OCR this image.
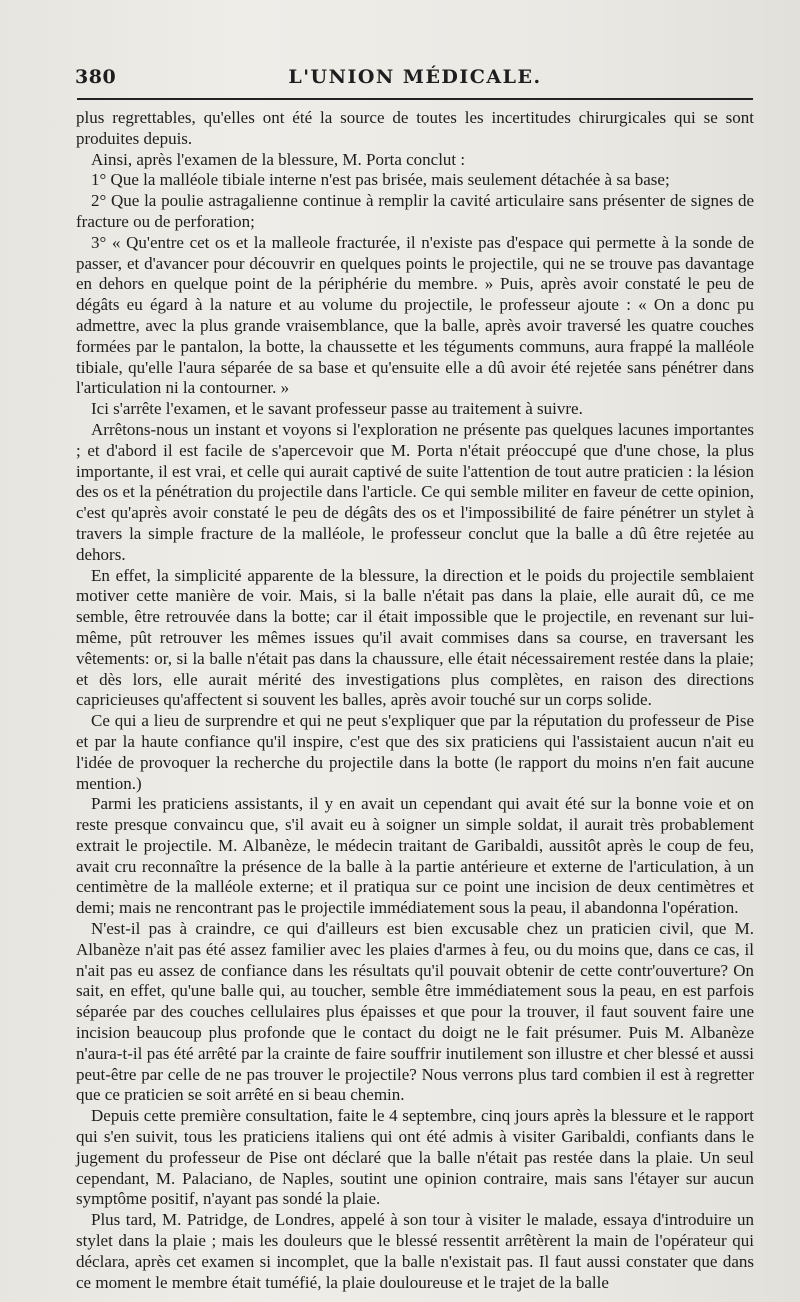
380	L'UNION MÉDICALE.

plus regrettables, qu'elles ont été la source de toutes les incertitudes chirurgicales qui se sont produites depuis.

Ainsi, après l'examen de la blessure, M. Porta conclut :

1° Que la malléole tibiale interne n'est pas brisée, mais seulement détachée à sa base;

2° Que la poulie astragalienne continue à remplir la cavité articulaire sans présenter de signes de fracture ou de perforation;

3° « Qu'entre cet os et la malleole fracturée, il n'existe pas d'espace qui permette à la sonde de passer, et d'avancer pour découvrir en quelques points le projectile, qui ne se trouve pas davantage en dehors en quelque point de la périphérie du membre. » Puis, après avoir constaté le peu de dégâts eu égard à la nature et au volume du projectile, le professeur ajoute : « On a donc pu admettre, avec la plus grande vraisemblance, que la balle, après avoir traversé les quatre couches formées par le pantalon, la botte, la chaussette et les téguments communs, aura frappé la malléole tibiale, qu'elle l'aura séparée de sa base et qu'ensuite elle a dû avoir été rejetée sans pénétrer dans l'articulation ni la contourner. »

Ici s'arrête l'examen, et le savant professeur passe au traitement à suivre.

Arrêtons-nous un instant et voyons si l'exploration ne présente pas quelques lacunes importantes ; et d'abord il est facile de s'apercevoir que M. Porta n'était préoccupé que d'une chose, la plus importante, il est vrai, et celle qui aurait captivé de suite l'attention de tout autre praticien : la lésion des os et la pénétration du projectile dans l'article. Ce qui semble militer en faveur de cette opinion, c'est qu'après avoir constaté le peu de dégâts des os et l'impossibilité de faire pénétrer un stylet à travers la simple fracture de la malléole, le professeur conclut que la balle a dû être rejetée au dehors.

En effet, la simplicité apparente de la blessure, la direction et le poids du projectile semblaient motiver cette manière de voir. Mais, si la balle n'était pas dans la plaie, elle aurait dû, ce me semble, être retrouvée dans la botte; car il était impossible que le projectile, en revenant sur lui-même, pût retrouver les mêmes issues qu'il avait commises dans sa course, en traversant les vêtements: or, si la balle n'était pas dans la chaussure, elle était nécessairement restée dans la plaie; et dès lors, elle aurait mérité des investigations plus complètes, en raison des directions capricieuses qu'affectent si souvent les balles, après avoir touché sur un corps solide.

Ce qui a lieu de surprendre et qui ne peut s'expliquer que par la réputation du professeur de Pise et par la haute confiance qu'il inspire, c'est que des six praticiens qui l'assistaient aucun n'ait eu l'idée de provoquer la recherche du projectile dans la botte (le rapport du moins n'en fait aucune mention.)

Parmi les praticiens assistants, il y en avait un cependant qui avait été sur la bonne voie et on reste presque convaincu que, s'il avait eu à soigner un simple soldat, il aurait très probablement extrait le projectile. M. Albanèze, le médecin traitant de Garibaldi, aussitôt après le coup de feu, avait cru reconnaître la présence de la balle à la partie antérieure et externe de l'articulation, à un centimètre de la malléole externe; et il pratiqua sur ce point une incision de deux centimètres et demi; mais ne rencontrant pas le projectile immédiatement sous la peau, il abandonna l'opération.

N'est-il pas à craindre, ce qui d'ailleurs est bien excusable chez un praticien civil, que M. Albanèze n'ait pas été assez familier avec les plaies d'armes à feu, ou du moins que, dans ce cas, il n'ait pas eu assez de confiance dans les résultats qu'il pouvait obtenir de cette contr'ouverture? On sait, en effet, qu'une balle qui, au toucher, semble être immédiatement sous la peau, en est parfois séparée par des couches cellulaires plus épaisses et que pour la trouver, il faut souvent faire une incision beaucoup plus profonde que le contact du doigt ne le fait présumer. Puis M. Albanèze n'aura-t-il pas été arrêté par la crainte de faire souffrir inutilement son illustre et cher blessé et aussi peut-être par celle de ne pas trouver le projectile? Nous verrons plus tard combien il est à regretter que ce praticien se soit arrêté en si beau chemin.

Depuis cette première consultation, faite le 4 septembre, cinq jours après la blessure et le rapport qui s'en suivit, tous les praticiens italiens qui ont été admis à visiter Garibaldi, confiants dans le jugement du professeur de Pise ont déclaré que la balle n'était pas restée dans la plaie. Un seul cependant, M. Palaciano, de Naples, soutint une opinion contraire, mais sans l'étayer sur aucun symptôme positif, n'ayant pas sondé la plaie.

Plus tard, M. Patridge, de Londres, appelé à son tour à visiter le malade, essaya d'introduire un stylet dans la plaie ; mais les douleurs que le blessé ressentit arrêtèrent la main de l'opérateur qui déclara, après cet examen si incomplet, que la balle n'existait pas. Il faut aussi constater que dans ce moment le membre était tuméfié, la plaie douloureuse et le trajet de la balle
